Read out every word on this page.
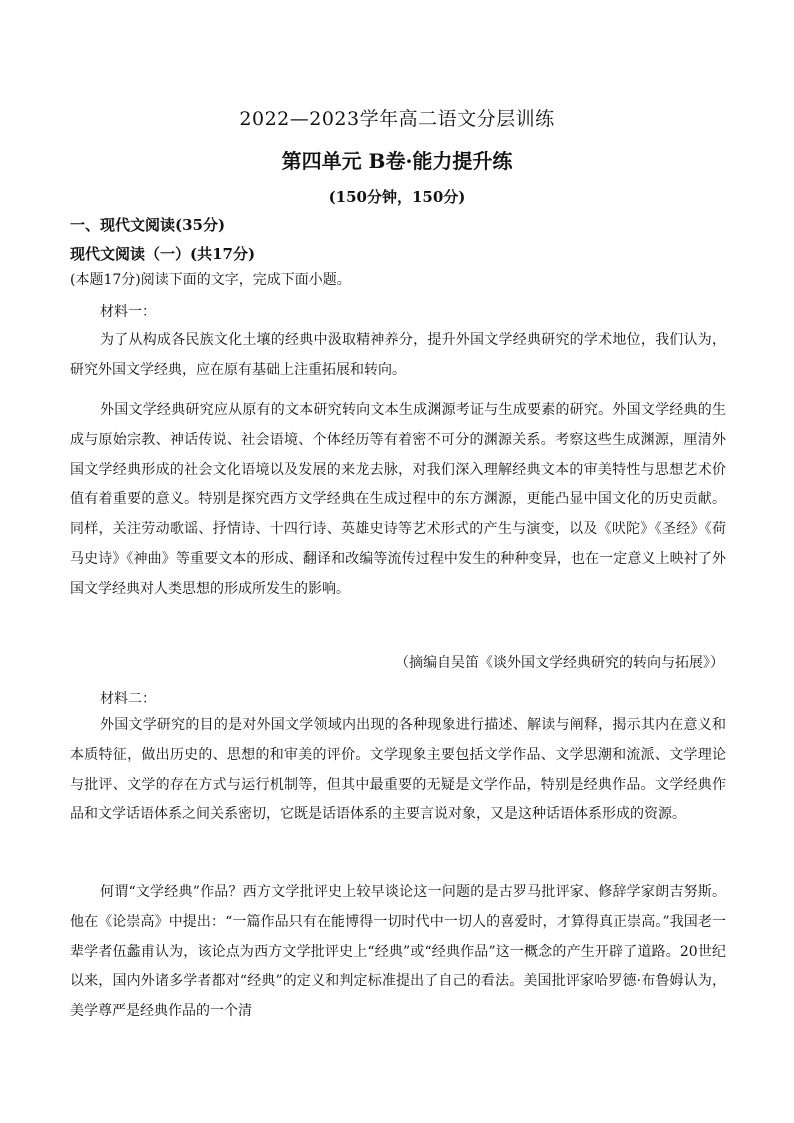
2022—2023学年高二语文分层训练
第四单元 B卷·能力提升练
(150分钟，150分)
一、现代文阅读(35分)
现代文阅读（一）(共17分)
(本题17分)阅读下面的文字，完成下面小题。
材料一：

为了从构成各民族文化土壤的经典中汲取精神养分，提升外国文学经典研究的学术地位，我们认为，研究外国文学经典，应在原有基础上注重拓展和转向。

外国文学经典研究应从原有的文本研究转向文本生成渊源考证与生成要素的研究。外国文学经典的生成与原始宗教、神话传说、社会语境、个体经历等有着密不可分的渊源关系。考察这些生成渊源，厘清外国文学经典形成的社会文化语境以及发展的来龙去脉，对我们深入理解经典文本的审美特性与思想艺术价值有着重要的意义。特别是探究西方文学经典在生成过程中的东方渊源，更能凸显中国文化的历史贡献。同样，关注劳动歌谣、抒情诗、十四行诗、英雄史诗等艺术形式的产生与演变，以及《吠陀》《圣经》《荷马史诗》《神曲》等重要文本的形成、翻译和改编等流传过程中发生的种种变异，也在一定意义上映衬了外国文学经典对人类思想的形成所发生的影响。

（摘编自吴笛《谈外国文学经典研究的转向与拓展》）
材料二：

外国文学研究的目的是对外国文学领域内出现的各种现象进行描述、解读与阐释，揭示其内在意义和本质特征，做出历史的、思想的和审美的评价。文学现象主要包括文学作品、文学思潮和流派、文学理论与批评、文学的存在方式与运行机制等，但其中最重要的无疑是文学作品，特别是经典作品。文学经典作品和文学话语体系之间关系密切，它既是话语体系的主要言说对象，又是这种话语体系形成的资源。

何谓“文学经典”作品？西方文学批评史上较早谈论这一问题的是古罗马批评家、修辞学家朗吉努斯。他在《论崇高》中提出：“一篇作品只有在能博得一切时代中一切人的喜爱时，才算得真正崇高。”我国老一辈学者伍蠡甫认为，该论点为西方文学批评史上“经典”或“经典作品”这一概念的产生开辟了道路。20世纪以来，国内外诸多学者都对“经典”的定义和判定标准提出了自己的看法。美国批评家哈罗德·布鲁姆认为，美学尊严是经典作品的一个清
